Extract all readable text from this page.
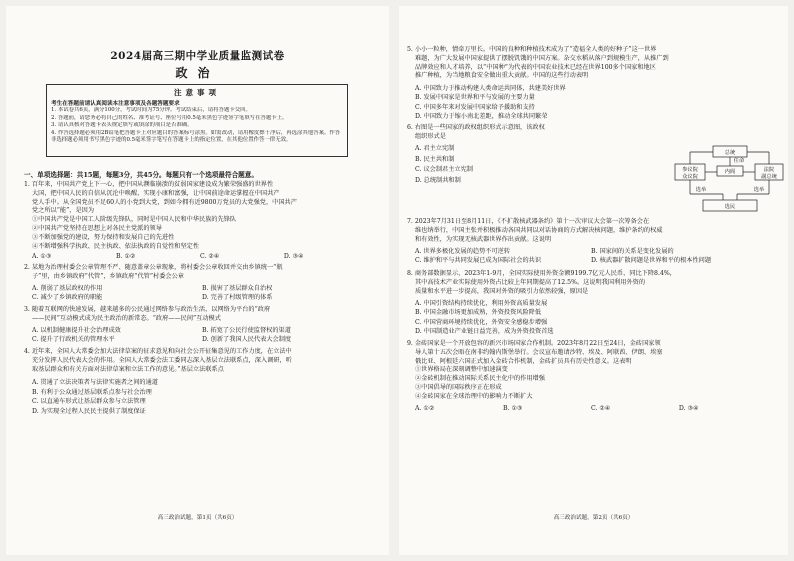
2024届高三期中学业质量监测试卷
政治
注意事项
考生在答题前请认真阅读本注意事项及各题答题要求
1. 本试卷共6页，满分100分，考试时间为75分钟。考试结束后，请将答题卡交回。
2. 答题前，请您务必将自己的姓名、准考证号、座位号用0.5毫米黑色字迹签字笔填写在答题卡上。
3. 请认真核对答题卡表头规定填写或填涂的项目是否准确。
4. 作答选择题必须用2B铅笔把答题卡上对应题目的答案标号涂黑。如需改动，请用橡皮擦干净后，再选涂其他答案。作答非选择题必须用书写黑色字迹的0.5毫米签字笔写在答题卡上的指定位置，在其他位置作答一律无效。
一、单项选择题：共15题，每题3分，共45分。每题只有一个选项最符合题意。
1. 百年来，中国共产党上下一心，把中国从濒临崩溃的贫弱国家建设成为繁荣强盛的世界性
大国，把中国人民的自信从沉沦中唤醒，实现小康和富强，让中国前途命运掌握在中国共产
党人手中。从全国党员不足60人的小党到大党，到如今拥有近9800万党员的大党强党，中国共产
党之所以“能”，是因为
①中国共产党是中国工人阶级先锋队，同时是中国人民和中华民族的先锋队
②中国共产党坚持在思想上对各民主党派的领导
③不断加强党的建设，努力保持和发展自己的先进性
④不断增强科学执政、民主执政、依法执政的自觉性和坚定性
A. ①③	B. ①②	C. ②④	D. ③④
2. 某地为治理村委会公章管理不严、随意盖章公章现象，将村委会公章收回并交由乡镇统一“瓶
子”里，由乡镇政府“代管”，乡镇政府“代管”村委会公章
A. 削弱了基层政权的作用	B. 损害了基层群众自治权
C. 减少了乡镇政府的职能	D. 完善了村级管理的体系
3. 随着互联网的快速发展，越来越多的公民通过网络参与政治生活，以网络为平台的“政府
——民间”互动模式成为民主政治的新常态。“政府——民间”互动模式
A. 以机制健康提升社会治理成效	B. 拓宽了公民行使监督权的渠道
C. 提升了行政机关的管理水平	D. 创新了我国人民代表大会制度
4. 近年来，全国人大常委会加大法律草案的征求意见和向社会公开征集意见的工作力度，在立法中
充分发挥人民代表大会的作用。全国人大常委会法工委同志深入基层立法联系点，深入调研，听
取基层群众和有关方面对法律草案和立法工作的意见。”基层立法联系点
A. 贯通了立法决策者与法律实施者之间的通道
B. 有利于公众通过基层联系点参与社会治理
C. 以直通车形式让基层群众参与立法管理
D. 为实现全过程人民民主提供了制度保证
高三政治试题，第1页（共6页）
5. 小小一粒种，情牵万里长。中国的良种和种植技术成为了“造福全人类的好种子”这一世界
难题，为广大发展中国家提供了摆脱饥饿的中国方案。杂交水稻从落户到规模生产，从推广到
品牌效应和人才培养，以“中国种”为代表的中国农业技术已经在世界100多个国家和地区
推广种植，为当地粮食安全做出重大贡献。中国的这些行动表明
A. 中国致力于推动构建人类命运共同体，共建美好世界
B. 发展中国家是世界和平与发展的主要力量
C. 中国多年来对发展中国家给予援助和支持
D. 中国致力于缩小南北差距，推动全球共同繁荣
6. 右图是一些国家的政权组织形式示意图，该政权
组织形式是
A. 君主立宪制
B. 民主共和制
C. 议会制君主立宪制
D. 总统制共和制
总统
参议院
众议院
内阁	法院
副总统
选民
选举	选举
任命
7. 2023年7月31日至8月11日，《不扩散核武器条约》第十一次审议大会第一次筹备会在
维也纳举行，中国主张并积极推动各国共同以对话协商的方式解决核问题，维护条约的权威
和有效性，为实现无核武器世界作出贡献。这说明
A. 世界多极化发展的趋势不可逆转	B. 国家间的关系是变化发展的
C. 维护和平与共同发展已成为国际社会的共识	D. 核武器扩散问题是世界和平的根本性问题
8. 商务部数据显示，2023年1-9月，全国实际使用外资金额9199.7亿元人民币，同比下降8.4%，
其中高技术产业实际使用外资占比较上年同期提高了12.5%。这说明我国利用外资的
质量和水平进一步提高，我国对外资的吸引力依然较强，原因是
A. 中国引资结构持续优化，利用外资高质量发展
B. 中国金融市场更加成熟，外资投资风险降低
C. 中国营商环境持续优化，外资安全感稳步增强
D. 中国制造业产业链日益完善，成为外资投资首选
9. 金砖国家是一个开放包容的新兴市场国家合作机制。2023年8月22日至24日，金砖国家领
导人第十五次会晤在南非约翰内斯堡举行。会议宣布邀请沙特、埃及、阿联酋、伊朗、埃塞
俄比亚、阿根廷六国正式加入金砖合作机制，金砖扩员具有历史性意义。这表明
①世界格局在深刻调整中加速演变
②金砖机制在推动国际关系民主化中的作用增强
③中国倡导的国际秩序正在形成
④金砖国家在全球治理中的影响力不断扩大
A. ①②	B. ①③	C. ②④	D. ③④
高三政治试题，第2页（共6页）
